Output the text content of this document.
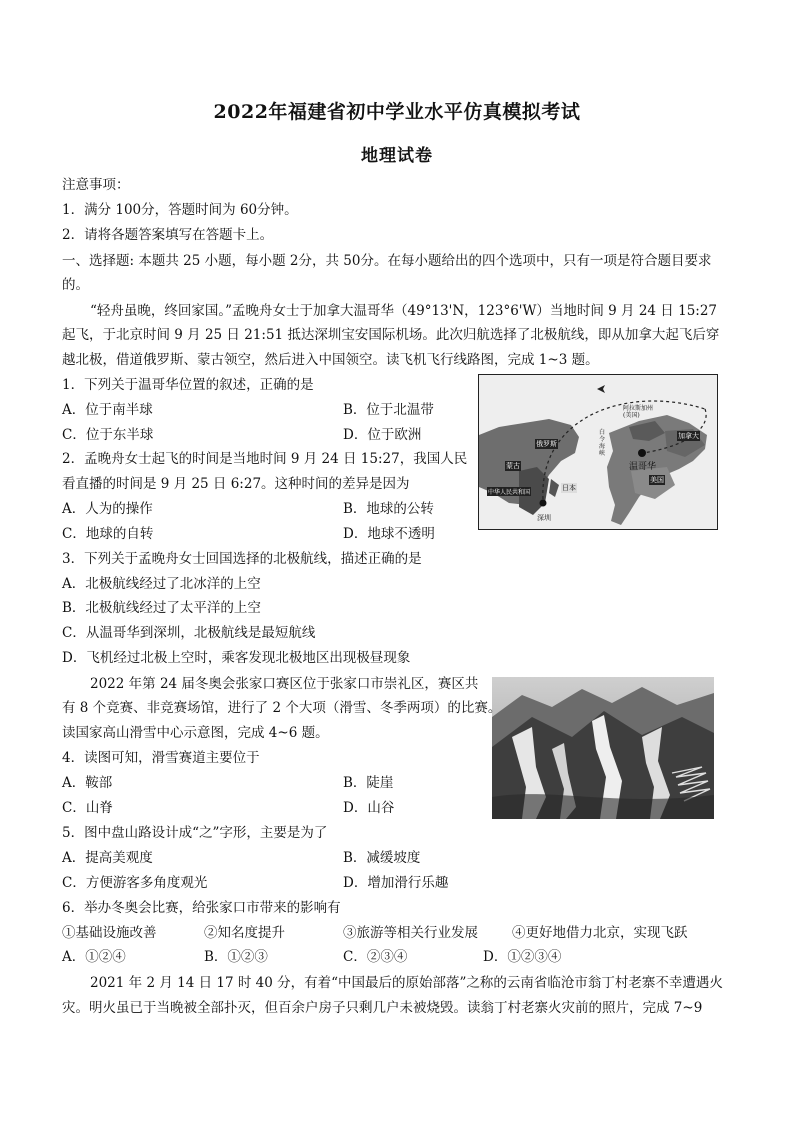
2022年福建省初中学业水平仿真模拟考试
地理试卷
注意事项：
1．满分 100分，答题时间为 60分钟。
2．请将各题答案填写在答题卡上。
一、选择题: 本题共 25 小题，每小题 2分，共 50分。在每小题给出的四个选项中，只有一项是符合题目要求
的。
“轻舟虽晚，终回家国。”孟晚舟女士于加拿大温哥华（49°13'N，123°6'W）当地时间 9 月 24 日 15:27
起飞，于北京时间 9 月 25 日 21:51 抵达深圳宝安国际机场。此次归航选择了北极航线，即从加拿大起飞后穿
越北极，借道俄罗斯、蒙古领空，然后进入中国领空。读飞机飞行线路图，完成 1~3 题。
俄罗斯
蒙古
中华人民共和国
日本
白令海峡
阿拉斯加州(美国)
加拿大
美国
温哥华
深圳
1．下列关于温哥华位置的叙述，正确的是
A．位于南半球	B．位于北温带
C．位于东半球	D．位于欧洲
2．孟晚舟女士起飞的时间是当地时间 9 月 24 日 15:27，我国人民
看直播的时间是 9 月 25 日 6:27。这种时间的差异是因为
A．人为的操作	B．地球的公转
C．地球的自转	D．地球不透明
3．下列关于孟晚舟女士回国选择的北极航线，描述正确的是
A．北极航线经过了北冰洋的上空
B．北极航线经过了太平洋的上空
C．从温哥华到深圳，北极航线是最短航线
D．飞机经过北极上空时，乘客发现北极地区出现极昼现象
2022 年第 24 届冬奥会张家口赛区位于张家口市崇礼区，赛区共
有 8 个竞赛、非竞赛场馆，进行了 2 个大项（滑雪、冬季两项）的比赛。
读国家高山滑雪中心示意图，完成 4~6 题。
4．读图可知，滑雪赛道主要位于
A．鞍部	B．陡崖
C．山脊	D．山谷
5．图中盘山路设计成“之”字形，主要是为了
A．提高美观度	B．减缓坡度
C．方便游客多角度观光	D．增加滑行乐趣
6．举办冬奥会比赛，给张家口市带来的影响有
①基础设施改善	②知名度提升	③旅游等相关行业发展	④更好地借力北京，实现飞跃
A．①②④	B．①②③	C．②③④	D．①②③④
2021 年 2 月 14 日 17 时 40 分，有着“中国最后的原始部落”之称的云南省临沧市翁丁村老寨不幸遭遇火
灾。明火虽已于当晚被全部扑灭，但百余户房子只剩几户未被烧毁。读翁丁村老寨火灾前的照片，完成 7~9
